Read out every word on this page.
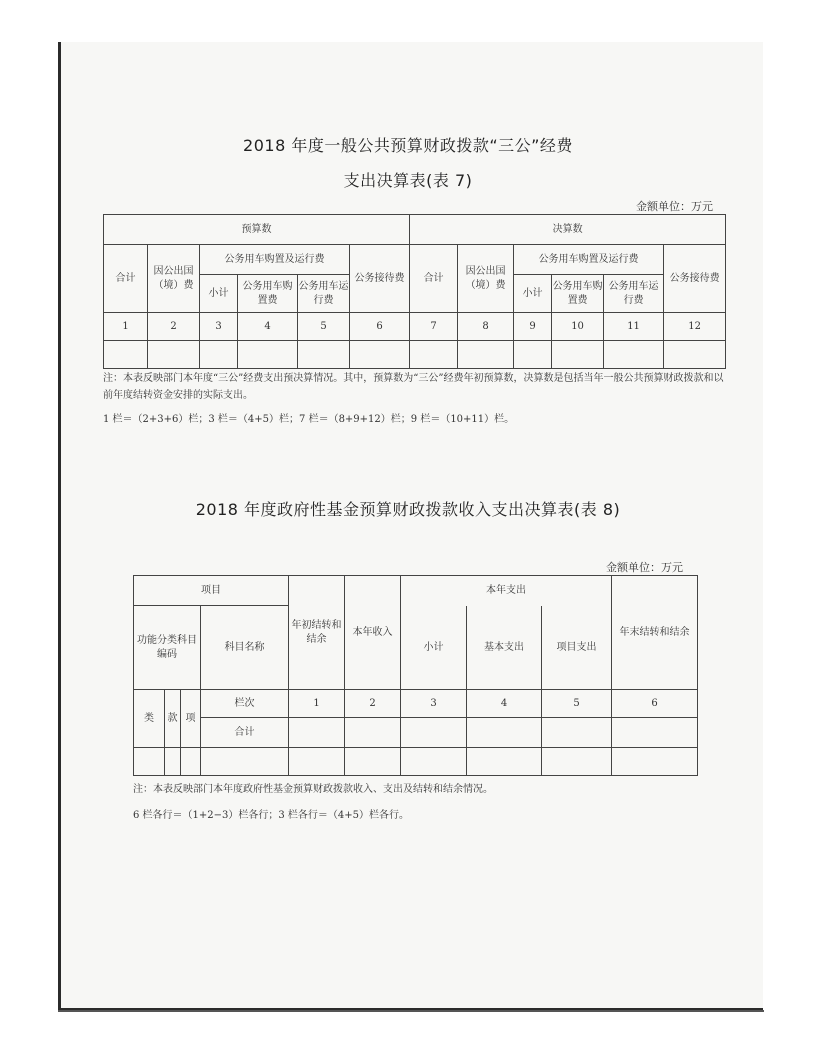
2018 年度一般公共预算财政拨款“三公”经费
支出决算表(表 7)
金额单位：万元
预算数						决算数					
合计	因公出国（境）费	公务用车购置及运行费			公务接待费	合计	因公出国（境）费	公务用车购置及运行费			公务接待费
		小计	公务用车购置费	公务用车运行费				小计	公务用车购置费	公务用车运行费	
1	2	3	4	5	6	7	8	9	10	11	12

注：本表反映部门本年度“三公”经费支出预决算情况。其中，预算数为“三公”经费年初预算数，决算数是包括当年一般公共预算财政拨款和以前年度结转资金安排的实际支出。
1 栏＝（2+3+6）栏；3 栏＝（4+5）栏；7 栏＝（8+9+12）栏；9 栏＝（10+11）栏。
2018 年度政府性基金预算财政拨款收入支出决算表(表 8)
金额单位：万元
项目				年初结转和结余	本年收入	本年支出			年末结转和结余
功能分类科目编码			科目名称			小计	基本支出	项目支出	
类	款	项	栏次	1	2	3	4	5	6
			合计						

注：本表反映部门本年度政府性基金预算财政拨款收入、支出及结转和结余情况。
6 栏各行＝（1+2−3）栏各行；3 栏各行＝（4+5）栏各行。
